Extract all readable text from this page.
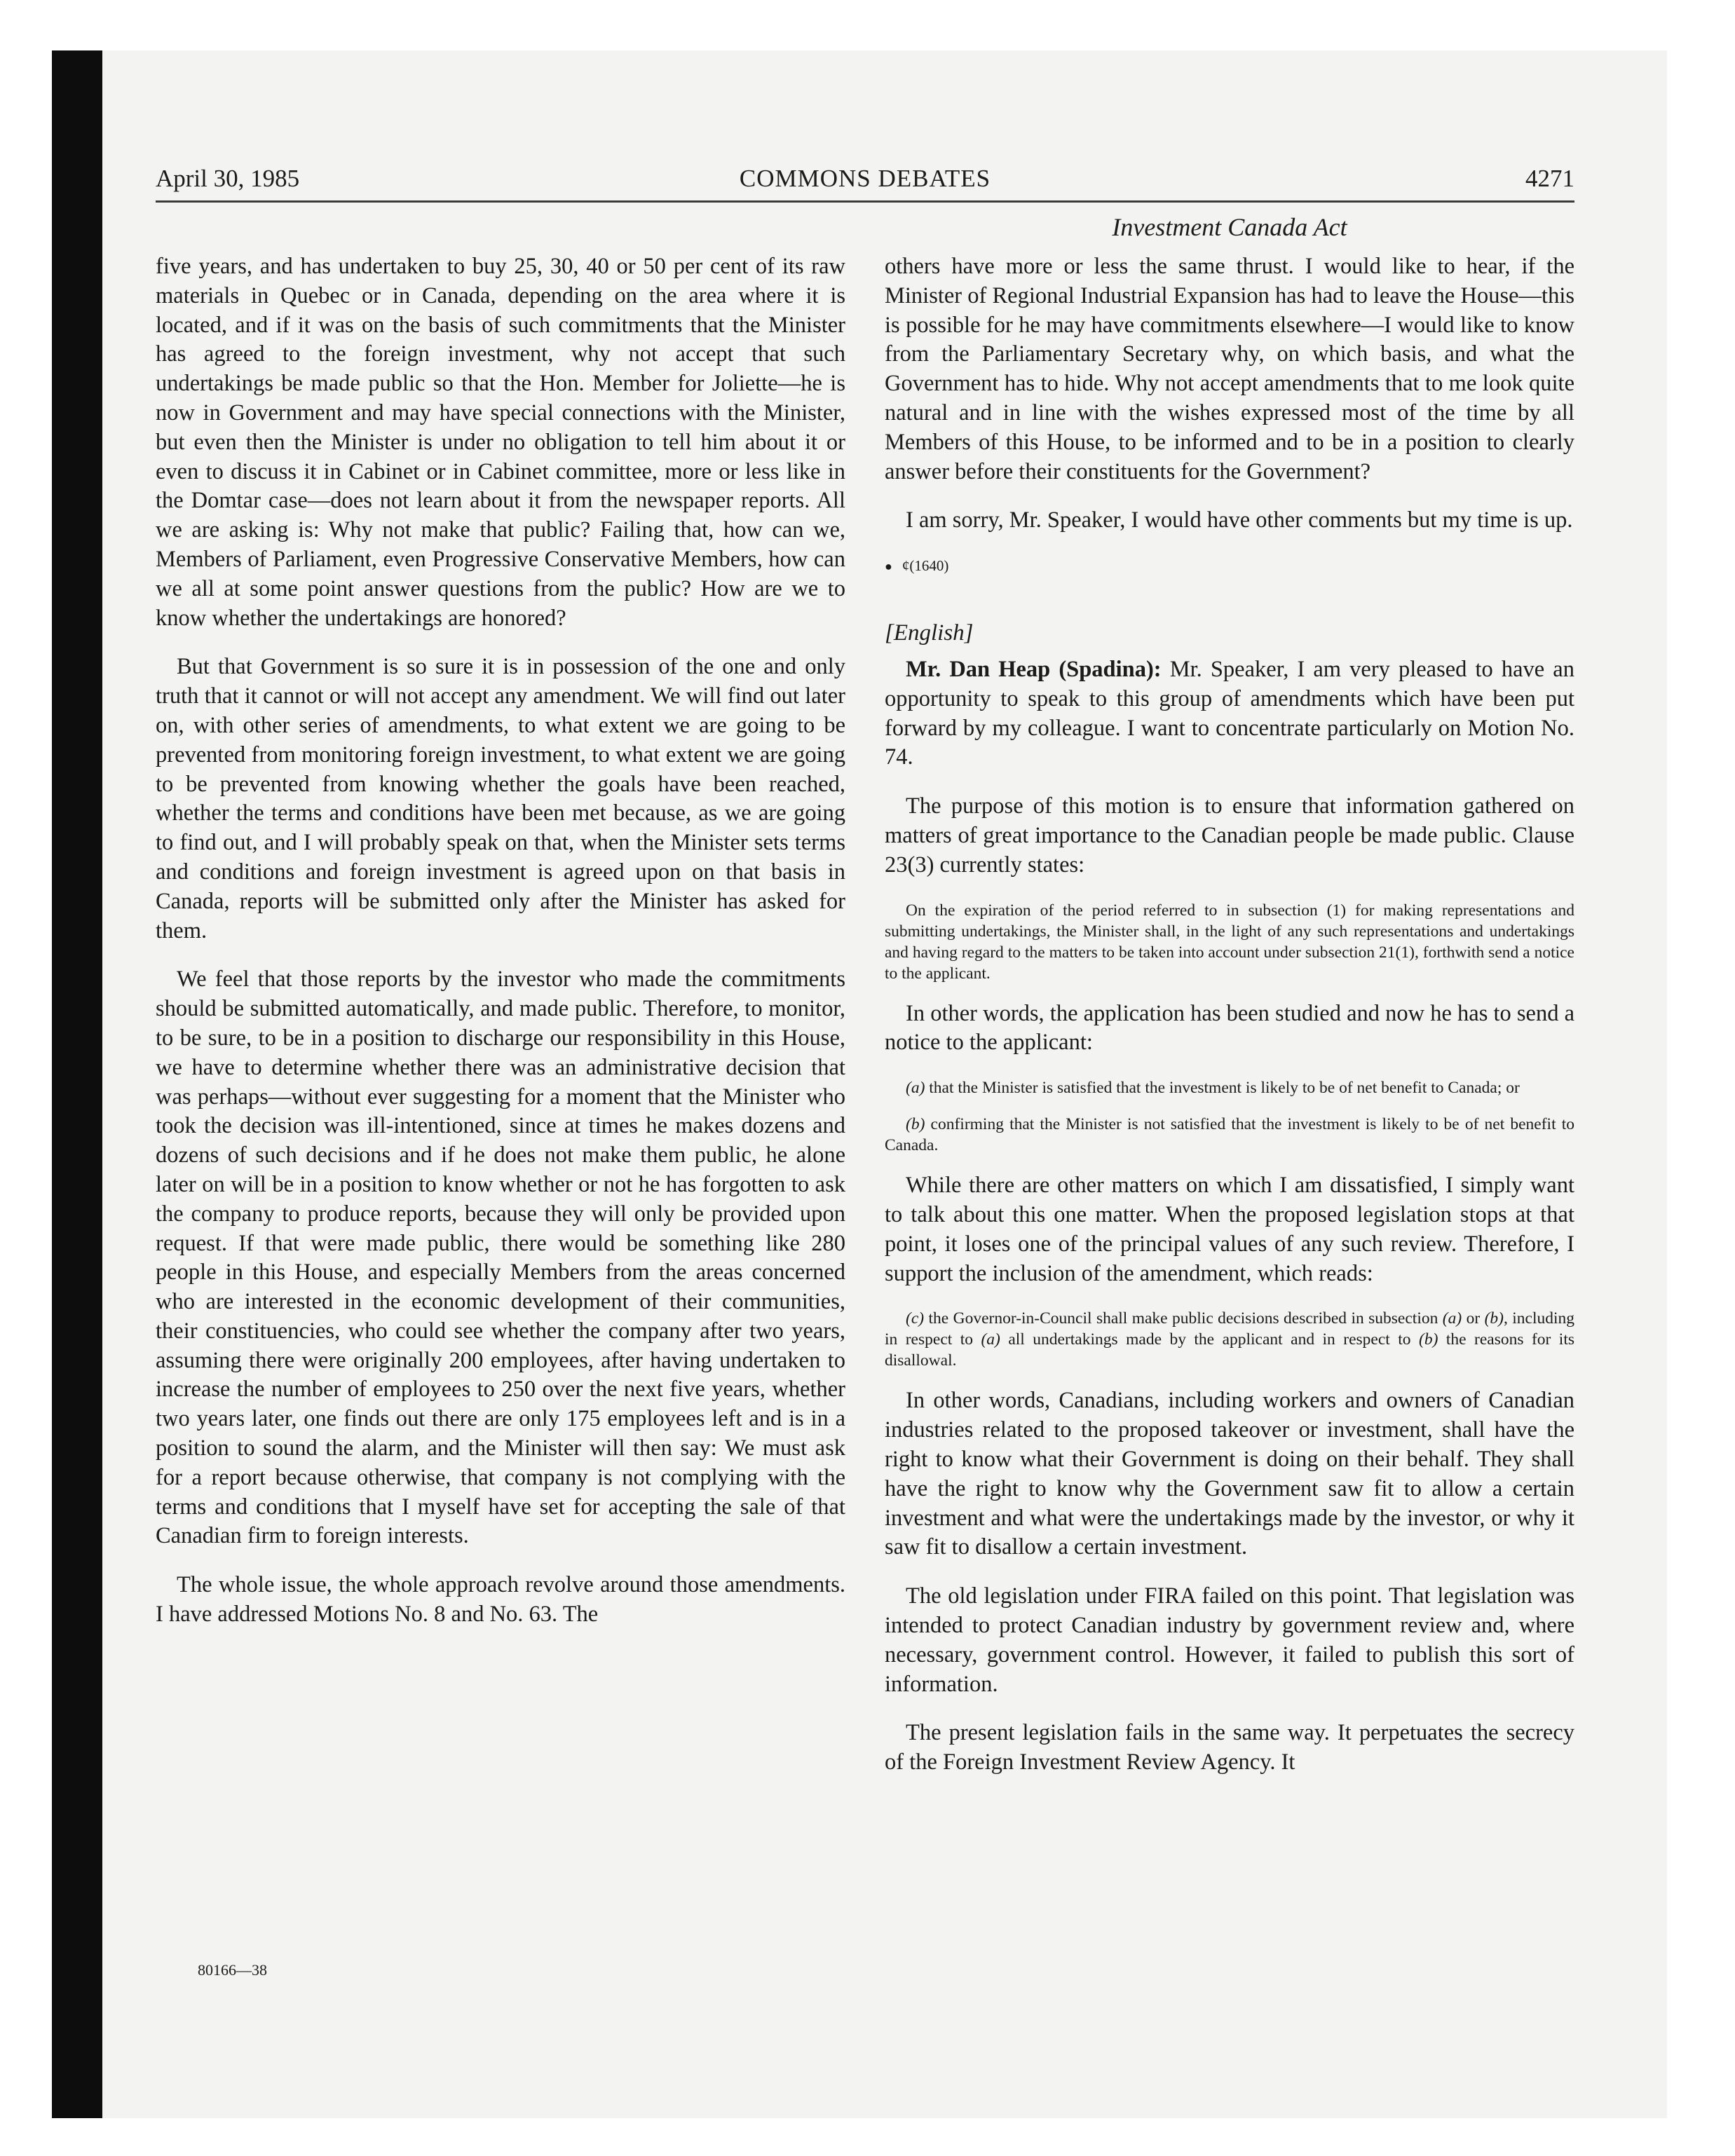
April 30, 1985	COMMONS DEBATES	4271
Investment Canada Act

five years, and has undertaken to buy 25, 30, 40 or 50 per cent of its raw materials in Quebec or in Canada, depending on the area where it is located, and if it was on the basis of such commitments that the Minister has agreed to the foreign investment, why not accept that such undertakings be made public so that the Hon. Member for Joliette—he is now in Government and may have special connections with the Minister, but even then the Minister is under no obligation to tell him about it or even to discuss it in Cabinet or in Cabinet committee, more or less like in the Domtar case—does not learn about it from the newspaper reports. All we are asking is: Why not make that public? Failing that, how can we, Members of Parliament, even Progressive Conservative Members, how can we all at some point answer questions from the public? How are we to know whether the undertakings are honored?

But that Government is so sure it is in possession of the one and only truth that it cannot or will not accept any amendment. We will find out later on, with other series of amendments, to what extent we are going to be prevented from monitoring foreign investment, to what extent we are going to be prevented from knowing whether the goals have been reached, whether the terms and conditions have been met because, as we are going to find out, and I will probably speak on that, when the Minister sets terms and conditions and foreign investment is agreed upon on that basis in Canada, reports will be submitted only after the Minister has asked for them.

We feel that those reports by the investor who made the commitments should be submitted automatically, and made public. Therefore, to monitor, to be sure, to be in a position to discharge our responsibility in this House, we have to determine whether there was an administrative decision that was perhaps—without ever suggesting for a moment that the Minister who took the decision was ill-intentioned, since at times he makes dozens and dozens of such decisions and if he does not make them public, he alone later on will be in a position to know whether or not he has forgotten to ask the company to produce reports, because they will only be provided upon request. If that were made public, there would be something like 280 people in this House, and especially Members from the areas concerned who are interested in the economic development of their communities, their constituencies, who could see whether the company after two years, assuming there were originally 200 employees, after having undertaken to increase the number of employees to 250 over the next five years, whether two years later, one finds out there are only 175 employees left and is in a position to sound the alarm, and the Minister will then say: We must ask for a report because otherwise, that company is not complying with the terms and conditions that I myself have set for accepting the sale of that Canadian firm to foreign interests.

The whole issue, the whole approach revolve around those amendments. I have addressed Motions No. 8 and No. 63. The

others have more or less the same thrust. I would like to hear, if the Minister of Regional Industrial Expansion has had to leave the House—this is possible for he may have commitments elsewhere—I would like to know from the Parliamentary Secretary why, on which basis, and what the Government has to hide. Why not accept amendments that to me look quite natural and in line with the wishes expressed most of the time by all Members of this House, to be informed and to be in a position to clearly answer before their constituents for the Government?

I am sorry, Mr. Speaker, I would have other comments but my time is up.

● ¢(1640)
[English]

Mr. Dan Heap (Spadina): Mr. Speaker, I am very pleased to have an opportunity to speak to this group of amendments which have been put forward by my colleague. I want to concentrate particularly on Motion No. 74.

The purpose of this motion is to ensure that information gathered on matters of great importance to the Canadian people be made public. Clause 23(3) currently states:

On the expiration of the period referred to in subsection (1) for making representations and submitting undertakings, the Minister shall, in the light of any such representations and undertakings and having regard to the matters to be taken into account under subsection 21(1), forthwith send a notice to the applicant.

In other words, the application has been studied and now he has to send a notice to the applicant:

(a) that the Minister is satisfied that the investment is likely to be of net benefit to Canada; or

(b) confirming that the Minister is not satisfied that the investment is likely to be of net benefit to Canada.

While there are other matters on which I am dissatisfied, I simply want to talk about this one matter. When the proposed legislation stops at that point, it loses one of the principal values of any such review. Therefore, I support the inclusion of the amendment, which reads:

(c) the Governor-in-Council shall make public decisions described in subsection (a) or (b), including in respect to (a) all undertakings made by the applicant and in respect to (b) the reasons for its disallowal.

In other words, Canadians, including workers and owners of Canadian industries related to the proposed takeover or investment, shall have the right to know what their Government is doing on their behalf. They shall have the right to know why the Government saw fit to allow a certain investment and what were the undertakings made by the investor, or why it saw fit to disallow a certain investment.

The old legislation under FIRA failed on this point. That legislation was intended to protect Canadian industry by government review and, where necessary, government control. However, it failed to publish this sort of information.

The present legislation fails in the same way. It perpetuates the secrecy of the Foreign Investment Review Agency. It

80166—38
